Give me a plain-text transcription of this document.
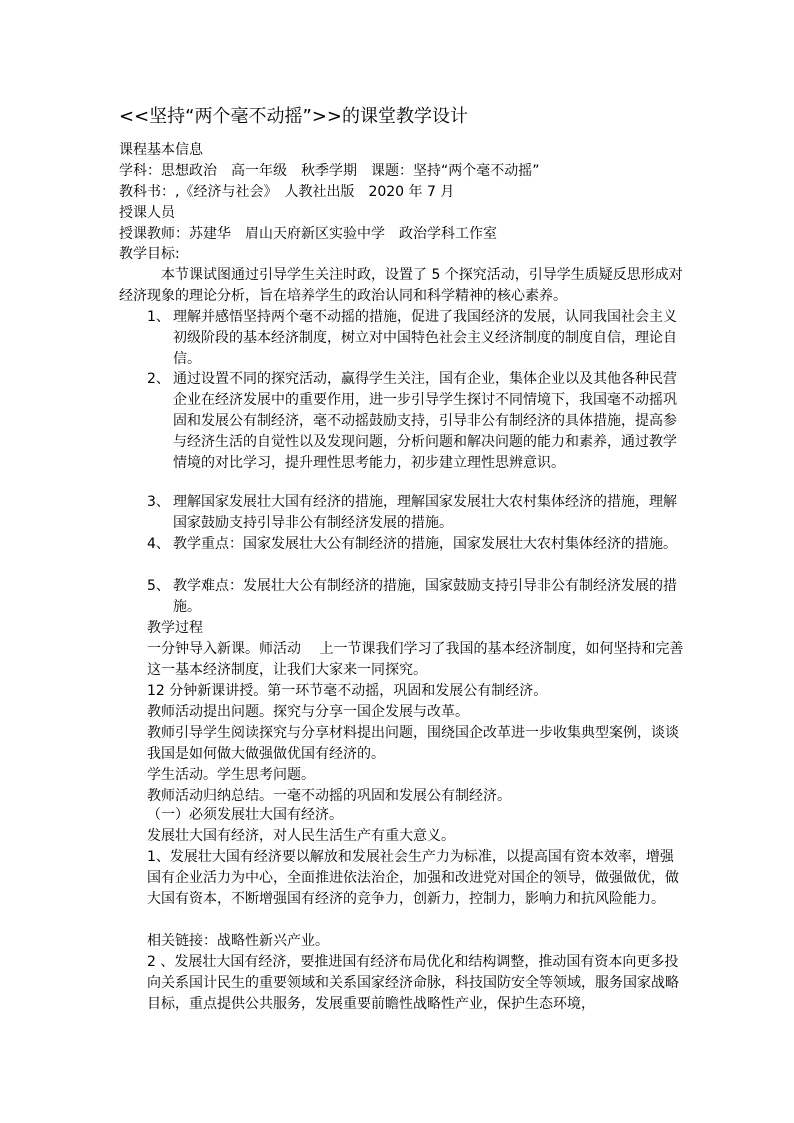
<<坚持“两个毫不动摇”>>的课堂教学设计
课程基本信息
学科：思想政治　高一年级　秋季学期　课题：坚持“两个毫不动摇”
教科书：,《经济与社会》　人教社出版　2020 年 7 月
授课人员
授课教师：苏建华　眉山天府新区实验中学　政治学科工作室
教学目标:
本节课试图通过引导学生关注时政，设置了 5 个探究活动，引导学生质疑反思形成对经济现象的理论分析，旨在培养学生的政治认同和科学精神的核心素养。
1、 理解并感悟坚持两个毫不动摇的措施，促进了我国经济的发展，认同我国社会主义初级阶段的基本经济制度，树立对中国特色社会主义经济制度的制度自信，理论自信。
2、 通过设置不同的探究活动，赢得学生关注，国有企业，集体企业以及其他各种民营企业在经济发展中的重要作用，进一步引导学生探讨不同情境下，我国毫不动摇巩固和发展公有制经济，毫不动摇鼓励支持，引导非公有制经济的具体措施，提高参与经济生活的自觉性以及发现问题，分析问题和解决问题的能力和素养，通过教学情境的对比学习，提升理性思考能力，初步建立理性思辨意识。
3、 理解国家发展壮大国有经济的措施，理解国家发展壮大农村集体经济的措施，理解国家鼓励支持引导非公有制经济发展的措施。
4、 教学重点：国家发展壮大公有制经济的措施，国家发展壮大农村集体经济的措施。
5、 教学难点：发展壮大公有制经济的措施，国家鼓励支持引导非公有制经济发展的措施。
教学过程
一分钟导入新课。师活动　 上一节课我们学习了我国的基本经济制度，如何坚持和完善这一基本经济制度，让我们大家来一同探究。
12 分钟新课讲授。第一环节毫不动摇，巩固和发展公有制经济。
教师活动提出问题。探究与分享一国企发展与改革。
教师引导学生阅读探究与分享材料提出问题，围绕国企改革进一步收集典型案例，谈谈我国是如何做大做强做优国有经济的。
学生活动。学生思考问题。
教师活动归纳总结。一毫不动摇的巩固和发展公有制经济。
（一）必须发展壮大国有经济。
发展壮大国有经济，对人民生活生产有重大意义。
1、发展壮大国有经济要以解放和发展社会生产力为标准，以提高国有资本效率，增强国有企业活力为中心，全面推进依法治企，加强和改进党对国企的领导，做强做优，做大国有资本，不断增强国有经济的竞争力，创新力，控制力，影响力和抗风险能力。
相关链接：战略性新兴产业。
2 、发展壮大国有经济，要推进国有经济布局优化和结构调整，推动国有资本向更多投向关系国计民生的重要领域和关系国家经济命脉，科技国防安全等领域，服务国家战略目标，重点提供公共服务，发展重要前瞻性战略性产业，保护生态环境，
